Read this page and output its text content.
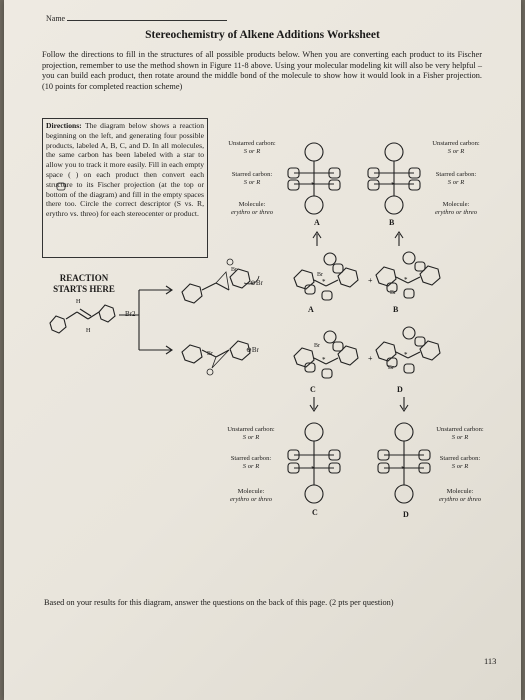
Name
Stereochemistry of Alkene Additions Worksheet
Follow the directions to fill in the structures of all possible products below. When you are converting each product to its Fischer projection, remember to use the method shown in Figure 11-8 above. Using your molecular modeling kit will also be very helpful – you can build each product, then rotate around the middle bond of the molecule to show how it would look in a Fisher projection. (10 points for completed reaction scheme)
Directions: The diagram below shows a reaction beginning on the left, and generating four possible products, labeled A, B, C, and D. In all molecules, the same carbon has been labeled with a star to allow you to track it more easily. Fill in each empty space ( ) on each product then convert each structure to its Fischer projection (at the top or bottom of the diagram) and fill in the empty spaces there too. Circle the correct descriptor (S vs. R, erythro vs. threo) for each stereocenter or product.
REACTION STARTS HERE
Unstarred carbon:
S or R
Starred carbon:
S or R
Molecule:
erythro or threo
Unstarred carbon:
S or R
Starred carbon:
S or R
Molecule:
erythro or threo
Unstarred carbon:
S or R
Starred carbon:
S or R
Molecule:
erythro or threo
Unstarred carbon:
S or R
Starred carbon:
S or R
Molecule:
erythro or threo
A	B
A	B
C	D
C	D
Br2
⊖Br
⊖Br
Br
Br
Br
Br
Br
Br
Based on your results for this diagram, answer the questions on the back of this page. (2 pts per question)
113
*	*
H
H
*	+	*
*	+	*
*	*
